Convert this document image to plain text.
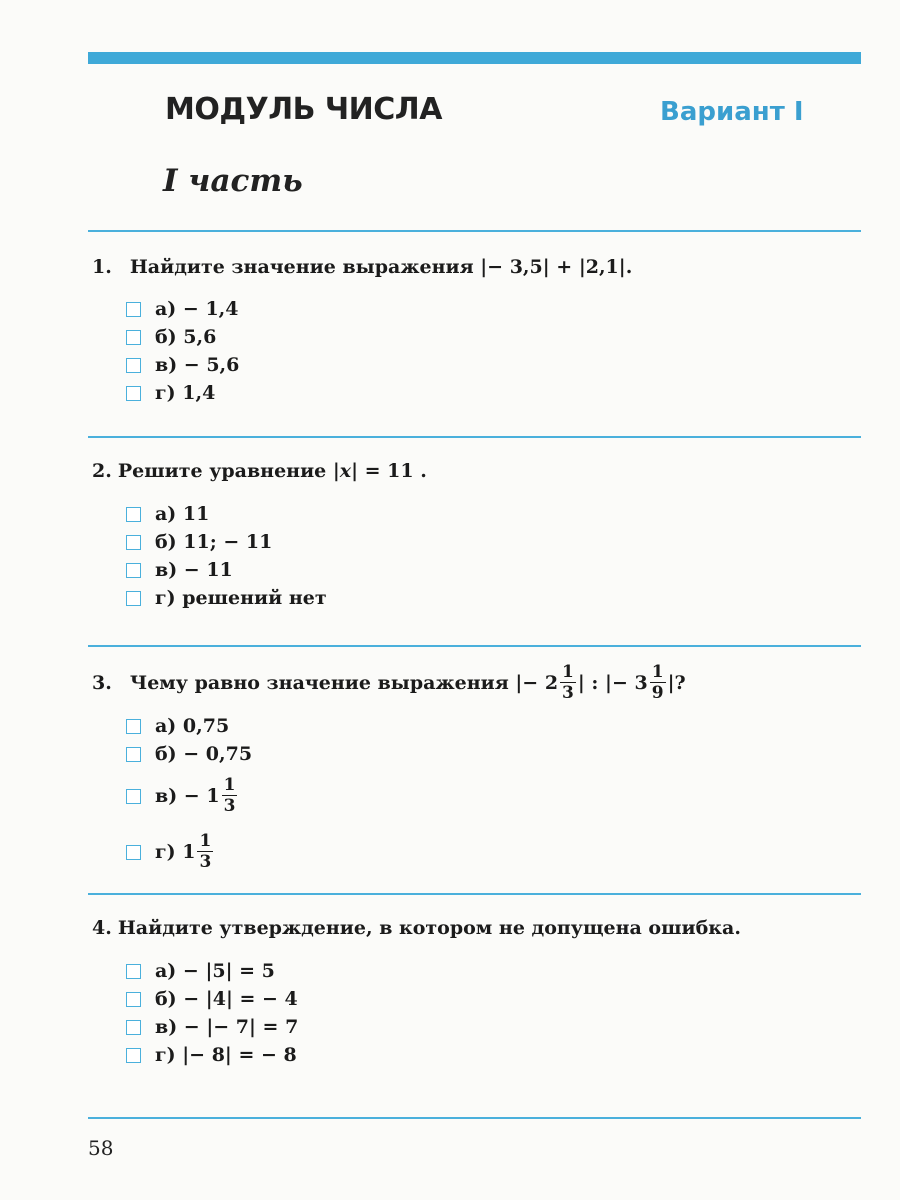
МОДУЛЬ ЧИСЛА	Вариант I
I часть
1. Найдите значение выражения |− 3,5| + |2,1|.
а) − 1,4
б) 5,6
в) − 5,6
г) 1,4
2. Решите уравнение |x| = 11 .
а) 11
б) 11; − 11
в) − 11
г) решений нет
3. Чему равно значение выражения |− $2 \frac{1}{3}$ | : |− $3 \frac{1}{9}$ |?
а) 0,75
б) − 0,75
$в) - 1 \frac{1}{3}$
г) $1 \frac{1}{3}$
4. Найдите утверждение, в котором не допущена ошибка.
а) − |5| = 5
б) − |4| = − 4
в) − |− 7| = 7
г) |− 8| = − 8
58
